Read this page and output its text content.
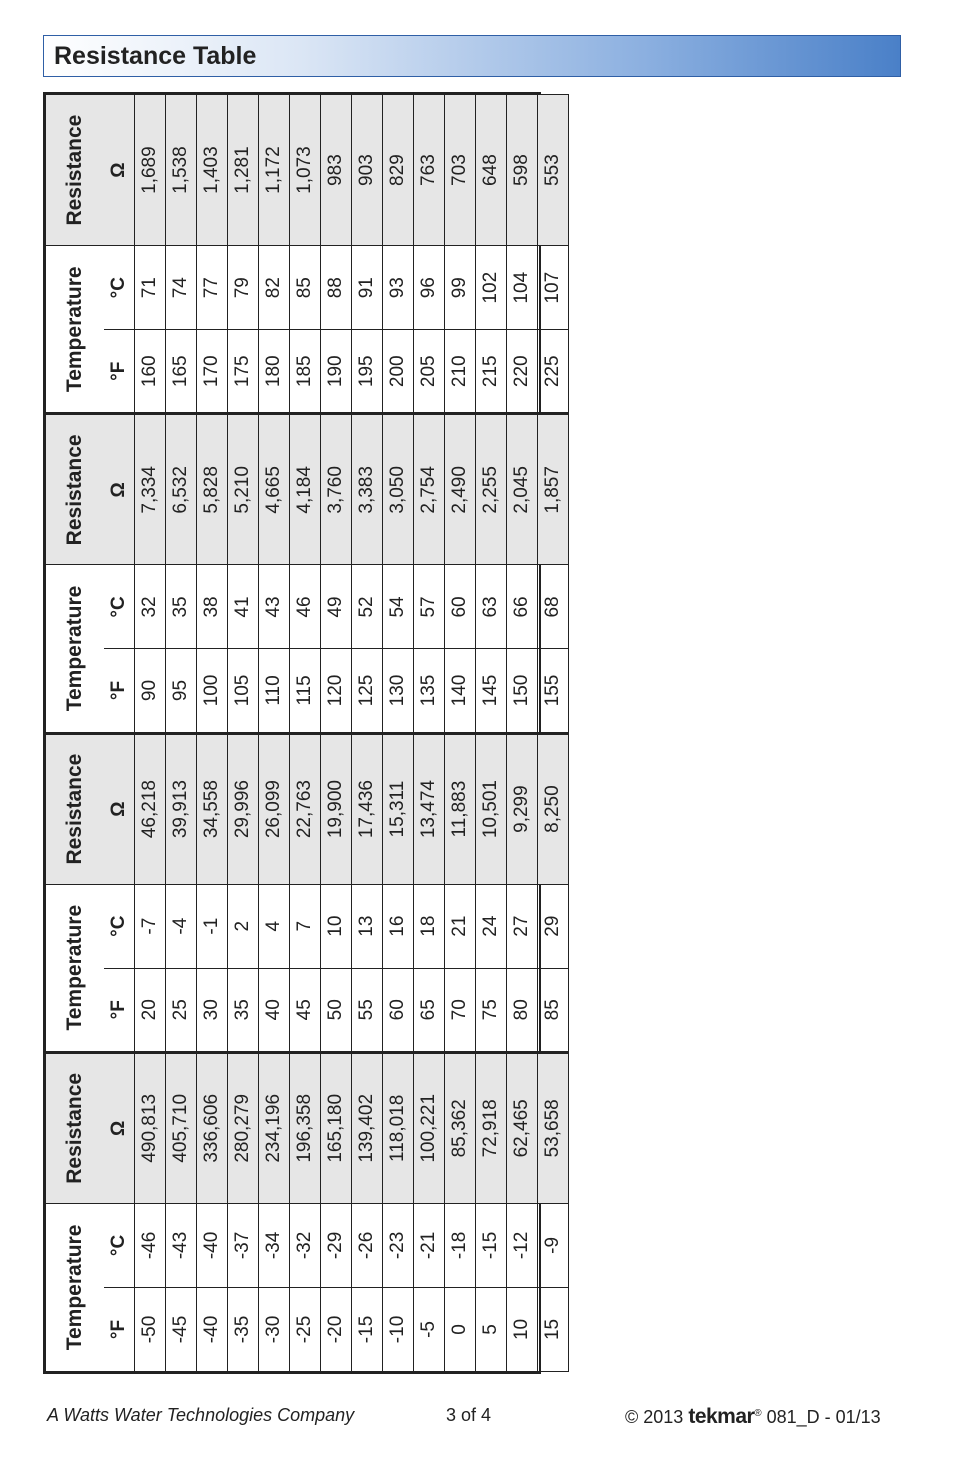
Resistance Table
Temperature		Resistance	Temperature		Resistance	Temperature		Resistance	Temperature		Resistance
°F	°C	Ω	°F	°C	Ω	°F	°C	Ω	°F	°C	Ω
-50	-46	490,813	20	-7	46,218	90	32	7,334	160	71	1,689
-45	-43	405,710	25	-4	39,913	95	35	6,532	165	74	1,538
-40	-40	336,606	30	-1	34,558	100	38	5,828	170	77	1,403
-35	-37	280,279	35	2	29,996	105	41	5,210	175	79	1,281
-30	-34	234,196	40	4	26,099	110	43	4,665	180	82	1,172
-25	-32	196,358	45	7	22,763	115	46	4,184	185	85	1,073
-20	-29	165,180	50	10	19,900	120	49	3,760	190	88	983
-15	-26	139,402	55	13	17,436	125	52	3,383	195	91	903
-10	-23	118,018	60	16	15,311	130	54	3,050	200	93	829
-5	-21	100,221	65	18	13,474	135	57	2,754	205	96	763
0	-18	85,362	70	21	11,883	140	60	2,490	210	99	703
5	-15	72,918	75	24	10,501	145	63	2,255	215	102	648
10	-12	62,465	80	27	9,299	150	66	2,045	220	104	598
15	-9	53,658	85	29	8,250	155	68	1,857	225	107	553
A Watts Water Technologies Company	3 of 4	© 2013 tekmar® 081_D - 01/13
